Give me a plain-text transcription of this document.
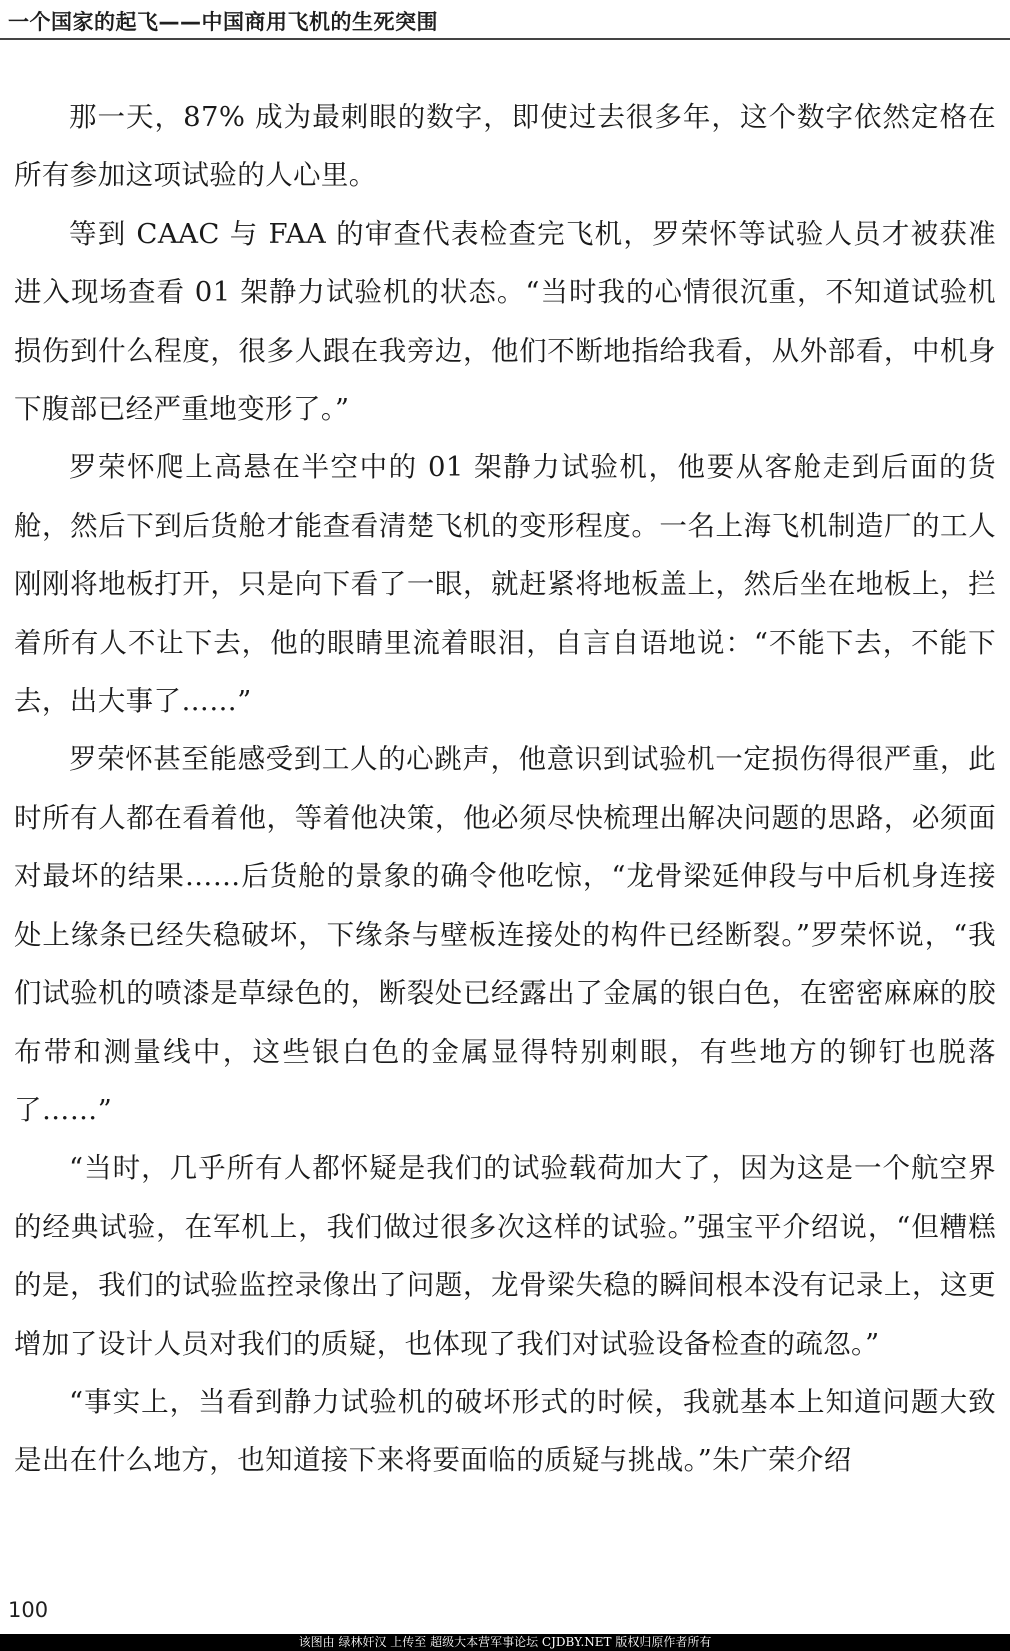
一个国家的起飞——中国商用飞机的生死突围

那一天，87% 成为最刺眼的数字，即使过去很多年，这个数字依然定格在所有参加这项试验的人心里。

等到 CAAC 与 FAA 的审查代表检查完飞机，罗荣怀等试验人员才被获准进入现场查看 01 架静力试验机的状态。“当时我的心情很沉重，不知道试验机损伤到什么程度，很多人跟在我旁边，他们不断地指给我看，从外部看，中机身下腹部已经严重地变形了。”

罗荣怀爬上高悬在半空中的 01 架静力试验机，他要从客舱走到后面的货舱，然后下到后货舱才能查看清楚飞机的变形程度。一名上海飞机制造厂的工人刚刚将地板打开，只是向下看了一眼，就赶紧将地板盖上，然后坐在地板上，拦着所有人不让下去，他的眼睛里流着眼泪，自言自语地说：“不能下去，不能下去，出大事了……”

罗荣怀甚至能感受到工人的心跳声，他意识到试验机一定损伤得很严重，此时所有人都在看着他，等着他决策，他必须尽快梳理出解决问题的思路，必须面对最坏的结果……后货舱的景象的确令他吃惊，“龙骨梁延伸段与中后机身连接处上缘条已经失稳破坏，下缘条与壁板连接处的构件已经断裂。”罗荣怀说，“我们试验机的喷漆是草绿色的，断裂处已经露出了金属的银白色，在密密麻麻的胶布带和测量线中，这些银白色的金属显得特别刺眼，有些地方的铆钉也脱落了……”

“当时，几乎所有人都怀疑是我们的试验载荷加大了，因为这是一个航空界的经典试验，在军机上，我们做过很多次这样的试验。”强宝平介绍说，“但糟糕的是，我们的试验监控录像出了问题，龙骨梁失稳的瞬间根本没有记录上，这更增加了设计人员对我们的质疑，也体现了我们对试验设备检查的疏忽。”

“事实上，当看到静力试验机的破坏形式的时候，我就基本上知道问题大致是出在什么地方，也知道接下来将要面临的质疑与挑战。”朱广荣介绍

100
该图由 绿林奸汉 上传至 超级大本营军事论坛 CJDBY.NET 版权归原作者所有
